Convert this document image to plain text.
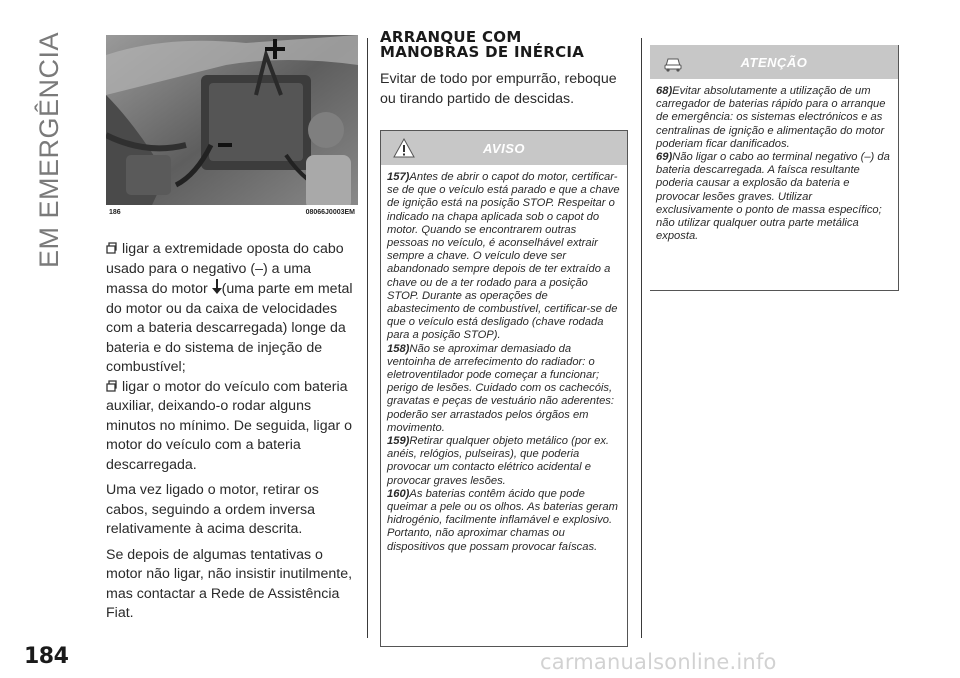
EM EMERGÊNCIA
184
186	08066J0003EM

ligar a extremidade oposta do cabo usado para o negativo (–) a uma massa do motor (uma parte em metal do motor ou da caixa de velocidades com a bateria descarregada) longe da bateria e do sistema de injeção de combustível;

ligar o motor do veículo com bateria auxiliar, deixando-o rodar alguns minutos no mínimo. De seguida, ligar o motor do veículo com a bateria descarregada.

Uma vez ligado o motor, retirar os cabos, seguindo a ordem inversa relativamente à acima descrita.

Se depois de algumas tentativas o motor não ligar, não insistir inutilmente, mas contactar a Rede de Assistência Fiat.

ARRANQUE COM
MANOBRAS DE INÉRCIA

Evitar de todo por empurrão, reboque ou tirando partido de descidas.

AVISO

157)Antes de abrir o capot do motor, certificar-se de que o veículo está parado e que a chave de ignição está na posição STOP. Respeitar o indicado na chapa aplicada sob o capot do motor. Quando se encontrarem outras pessoas no veículo, é aconselhável extrair sempre a chave. O veículo deve ser abandonado sempre depois de ter extraído a chave ou de a ter rodado para a posição STOP. Durante as operações de abastecimento de combustível, certificar-se de que o veículo está desligado (chave rodada para a posição STOP).

158)Não se aproximar demasiado da ventoinha de arrefecimento do radiador: o eletroventilador pode começar a funcionar; perigo de lesões. Cuidado com os cachecóis, gravatas e peças de vestuário não aderentes: poderão ser arrastados pelos órgãos em movimento.

159)Retirar qualquer objeto metálico (por ex. anéis, relógios, pulseiras), que poderia provocar um contacto elétrico acidental e provocar graves lesões.

160)As baterias contêm ácido que pode queimar a pele ou os olhos. As baterias geram hidrogénio, facilmente inflamável e explosivo. Portanto, não aproximar chamas ou dispositivos que possam provocar faíscas.

ATENÇÃO

68)Evitar absolutamente a utilização de um carregador de baterias rápido para o arranque de emergência: os sistemas electrónicos e as centralinas de ignição e alimentação do motor poderiam ficar danificados.

69)Não ligar o cabo ao terminal negativo (–) da bateria descarregada. A faísca resultante poderia causar a explosão da bateria e provocar lesões graves. Utilizar exclusivamente o ponto de massa específico; não utilizar qualquer outra parte metálica exposta.

carmanualsonline.info
